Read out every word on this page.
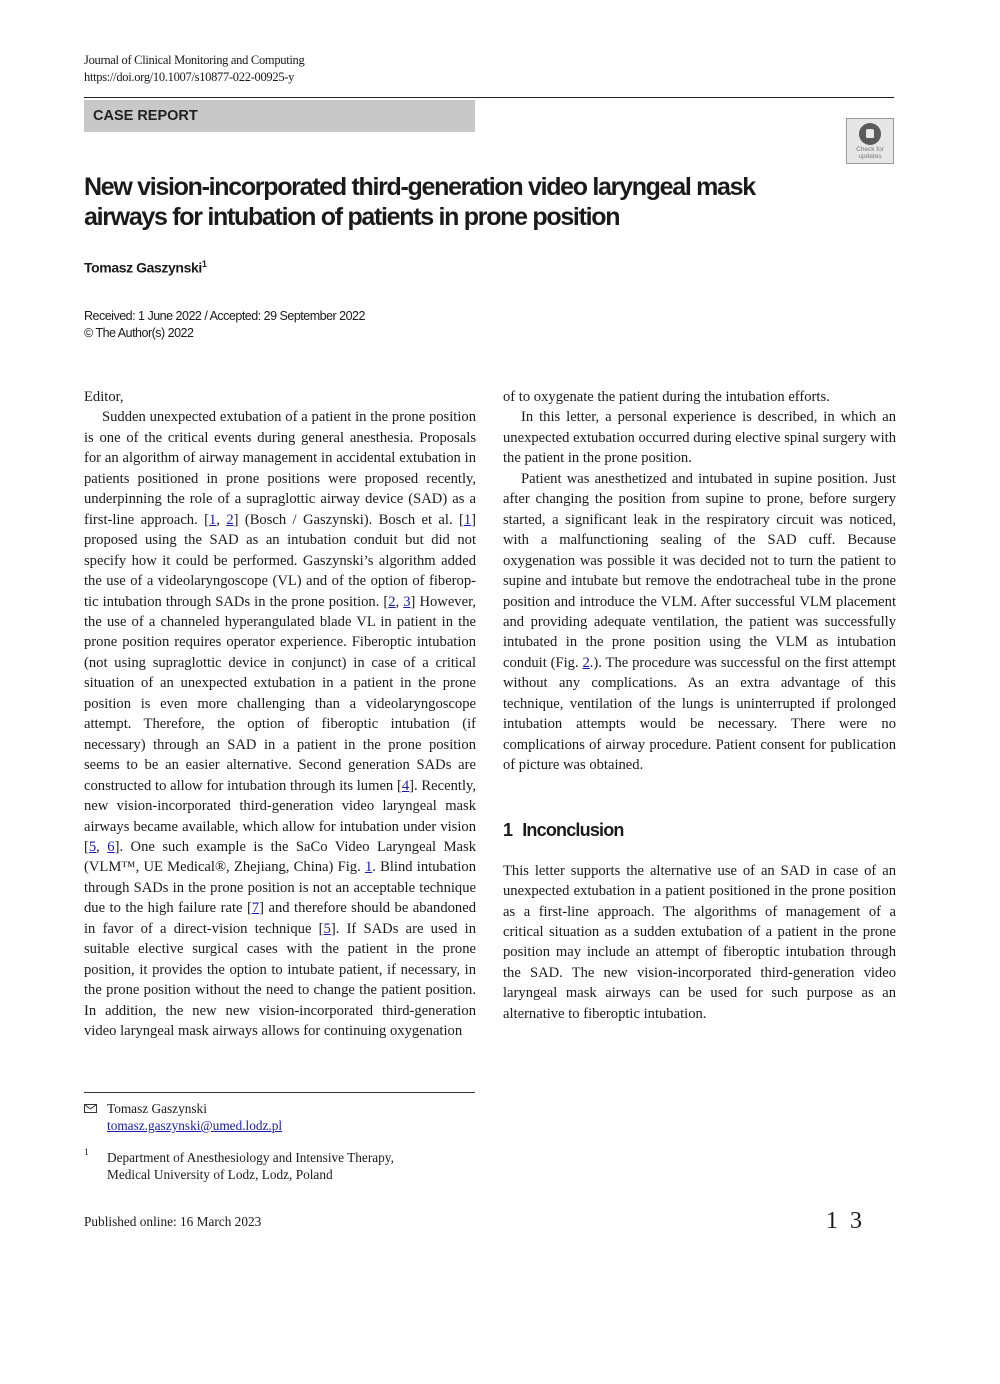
Journal of Clinical Monitoring and Computing
https://doi.org/10.1007/s10877-022-00925-y
CASE REPORT
Check for
updates
New vision-incorporated third-generation video laryngeal mask
airways for intubation of patients in prone position
Tomasz Gaszynski$^1$
Received: 1 June 2022 / Accepted: 29 September 2022
© The Author(s) 2022

Editor,

Sudden unexpected extubation of a patient in the prone position is one of the critical events during general anesthesia. Proposals for an algorithm of airway management in accidental extubation in patients positioned in prone positions were proposed recently, underpinning the role of a supraglottic airway device (SAD) as a first-line approach. [1, 2] (Bosch / Gaszynski). Bosch et al. [1] proposed using the SAD as an intubation conduit but did not specify how it could be performed. Gaszynski’s algorithm added the use of a videolaryngoscope (VL) and of the option of fiberoptic intubation through SADs in the prone position. [2, 3] However, the use of a channeled hyperangulated blade VL in patient in the prone position requires operator experience. Fiberoptic intubation (not using supraglottic device in conjunct) in case of a critical situation of an unexpected extubation in a patient in the prone position is even more challenging than a videolaryngoscope attempt. Therefore, the option of fiberoptic intubation (if necessary) through an SAD in a patient in the prone position seems to be an easier alternative. Second generation SADs are constructed to allow for intubation through its lumen [4]. Recently, new vision-incorporated third-generation video laryngeal mask airways became available, which allow for intubation under vision [5, 6]. One such example is the SaCo Video Laryngeal Mask (VLM™, UE Medical®, Zhejiang, China) Fig. 1. Blind intubation through SADs in the prone position is not an acceptable technique due to the high failure rate [7] and therefore should be abandoned in favor of a direct-vision technique [5]. If SADs are used in suitable elective surgical cases with the patient in the prone position, it provides the option to intubate patient, if necessary, in the prone position without the need to change the patient position. In addition, the new new vision-incorporated third-generation video laryngeal mask airways allows for continuing oxygenation

of to oxygenate the patient during the intubation efforts.

In this letter, a personal experience is described, in which an unexpected extubation occurred during elective spinal surgery with the patient in the prone position.

Patient was anesthetized and intubated in supine position. Just after changing the position from supine to prone, before surgery started, a significant leak in the respiratory circuit was noticed, with a malfunctioning sealing of the SAD cuff. Because oxygenation was possible it was decided not to turn the patient to supine and intubate but remove the endotracheal tube in the prone position and introduce the VLM. After successful VLM placement and providing adequate ventilation, the patient was successfully intubated in the prone position using the VLM as intubation conduit (Fig. 2.). The procedure was successful on the first attempt without any complications. As an extra advantage of this technique, ventilation of the lungs is uninterrupted if prolonged intubation attempts would be necessary. There were no complications of airway procedure. Patient consent for publication of picture was obtained.

1 Inconclusion

This letter supports the alternative use of an SAD in case of an unexpected extubation in a patient positioned in the prone position as a first-line approach. The algorithms of management of a critical situation as a sudden extubation of a patient in the prone position may include an attempt of fiberoptic intubation through the SAD. The new vision-incorporated third-generation video laryngeal mask airways can be used for such purpose as an alternative to fiberoptic intubation.

Tomasz Gaszynski
tomasz.gaszynski@umed.lodz.pl
1 Department of Anesthesiology and Intensive Therapy,
Medical University of Lodz, Lodz, Poland
Published online: 16 March 2023	1 3
